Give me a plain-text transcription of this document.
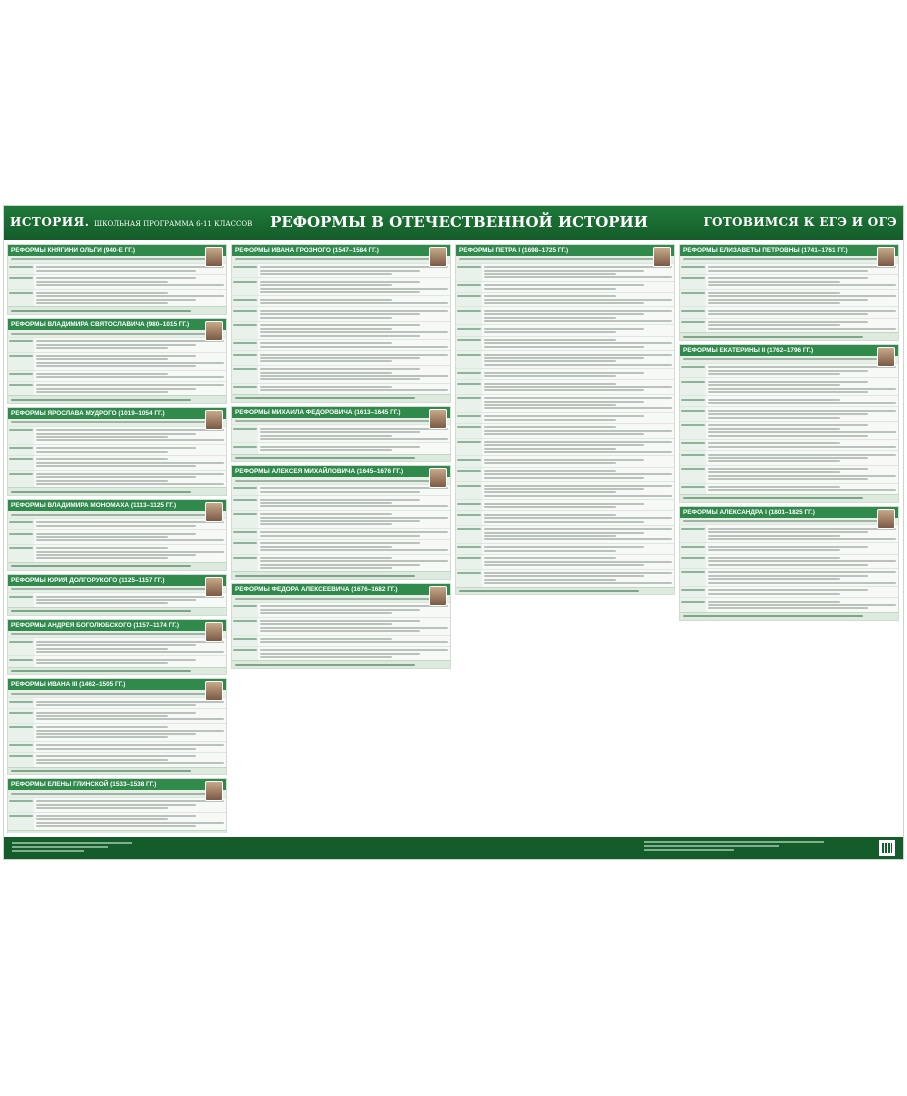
ИСТОРИЯ. ШКОЛЬНАЯ ПРОГРАММА 6-11 КЛАССОВ	РЕФОРМЫ В ОТЕЧЕСТВЕННОЙ ИСТОРИИ	ГОТОВИМСЯ К ЕГЭ И ОГЭ
РЕФОРМЫ КНЯГИНИ ОЛЬГИ (940-Е ГГ.)
РЕФОРМЫ ВЛАДИМИРА СВЯТОСЛАВИЧА (980–1015 ГГ.)
РЕФОРМЫ ЯРОСЛАВА МУДРОГО (1019–1054 ГГ.)
РЕФОРМЫ ВЛАДИМИРА МОНОМАХА (1113–1125 ГГ.)
РЕФОРМЫ ЮРИЯ ДОЛГОРУКОГО (1125–1157 ГГ.)
РЕФОРМЫ АНДРЕЯ БОГОЛЮБСКОГО (1157–1174 ГГ.)
РЕФОРМЫ ИВАНА III (1462–1505 ГГ.)
РЕФОРМЫ ЕЛЕНЫ ГЛИНСКОЙ (1533–1538 ГГ.)
РЕФОРМЫ ИВАНА ГРОЗНОГО (1547–1584 ГГ.)
РЕФОРМЫ МИХАИЛА ФЕДОРОВИЧА (1613–1645 ГГ.)
РЕФОРМЫ АЛЕКСЕЯ МИХАЙЛОВИЧА (1645–1676 ГГ.)
РЕФОРМЫ ФЕДОРА АЛЕКСЕЕВИЧА (1676–1682 ГГ.)
РЕФОРМЫ ПЕТРА I (1698–1725 ГГ.)	РЕФОРМЫ ЕЛИЗАВЕТЫ ПЕТРОВНЫ (1741–1761 ГГ.)
РЕФОРМЫ ЕКАТЕРИНЫ II (1762–1796 ГГ.)
РЕФОРМЫ АЛЕКСАНДРА I (1801–1825 ГГ.)
